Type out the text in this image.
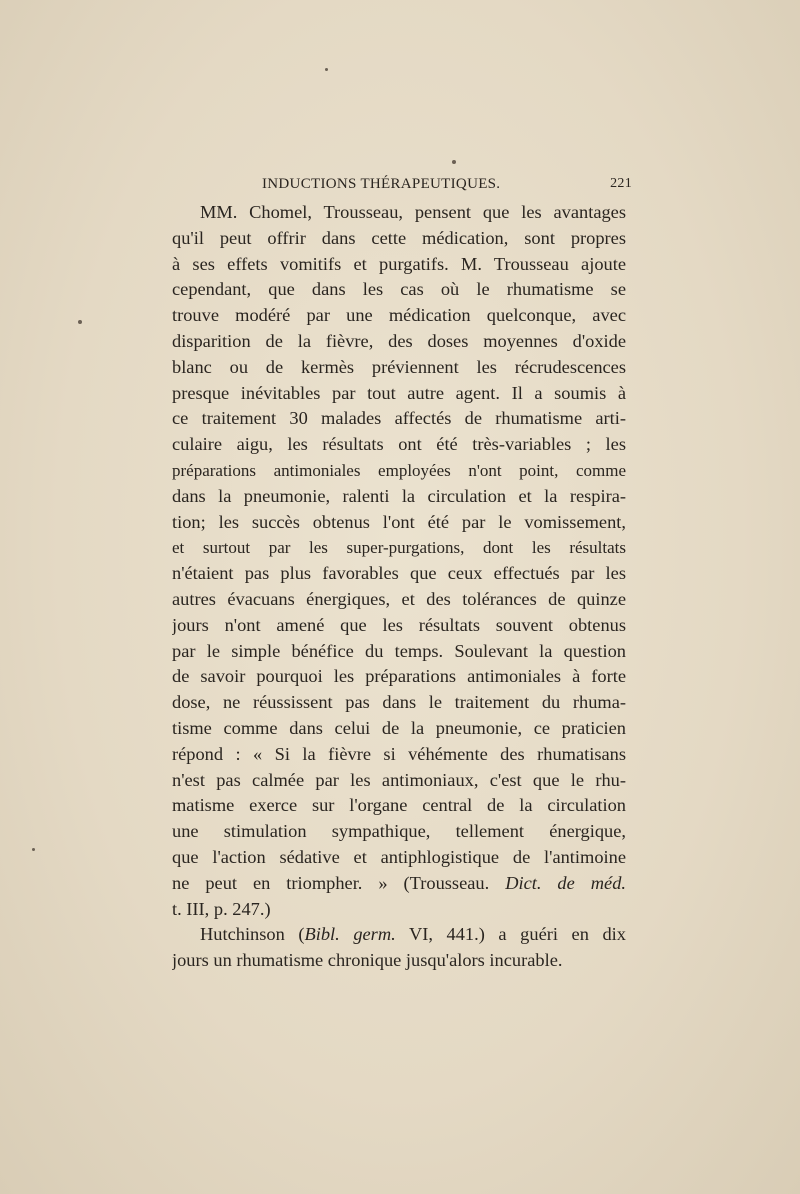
INDUCTIONS THÉRAPEUTIQUES.	221
MM. Chomel, Trousseau, pensent que les avantages
qu'il peut offrir dans cette médication, sont propres
à ses effets vomitifs et purgatifs. M. Trousseau ajoute
cependant, que dans les cas où le rhumatisme se
trouve modéré par une médication quelconque, avec
disparition de la fièvre, des doses moyennes d'oxide
blanc ou de kermès préviennent les récrudescences
presque inévitables par tout autre agent. Il a soumis à
ce traitement 30 malades affectés de rhumatisme arti-
culaire aigu, les résultats ont été très-variables ; les
préparations antimoniales employées n'ont point, comme
dans la pneumonie, ralenti la circulation et la respira-
tion; les succès obtenus l'ont été par le vomissement,
et surtout par les super-purgations, dont les résultats
n'étaient pas plus favorables que ceux effectués par les
autres évacuans énergiques, et des tolérances de quinze
jours n'ont amené que les résultats souvent obtenus
par le simple bénéfice du temps. Soulevant la question
de savoir pourquoi les préparations antimoniales à forte
dose, ne réussissent pas dans le traitement du rhuma-
tisme comme dans celui de la pneumonie, ce praticien
répond : « Si la fièvre si véhémente des rhumatisans
n'est pas calmée par les antimoniaux, c'est que le rhu-
matisme exerce sur l'organe central de la circulation
une stimulation sympathique, tellement énergique,
que l'action sédative et antiphlogistique de l'antimoine
ne peut en triompher. » (Trousseau. Dict. de méd.
t. III, p. 247.)
Hutchinson (Bibl. germ. VI, 441.) a guéri en dix
jours un rhumatisme chronique jusqu'alors incurable.
